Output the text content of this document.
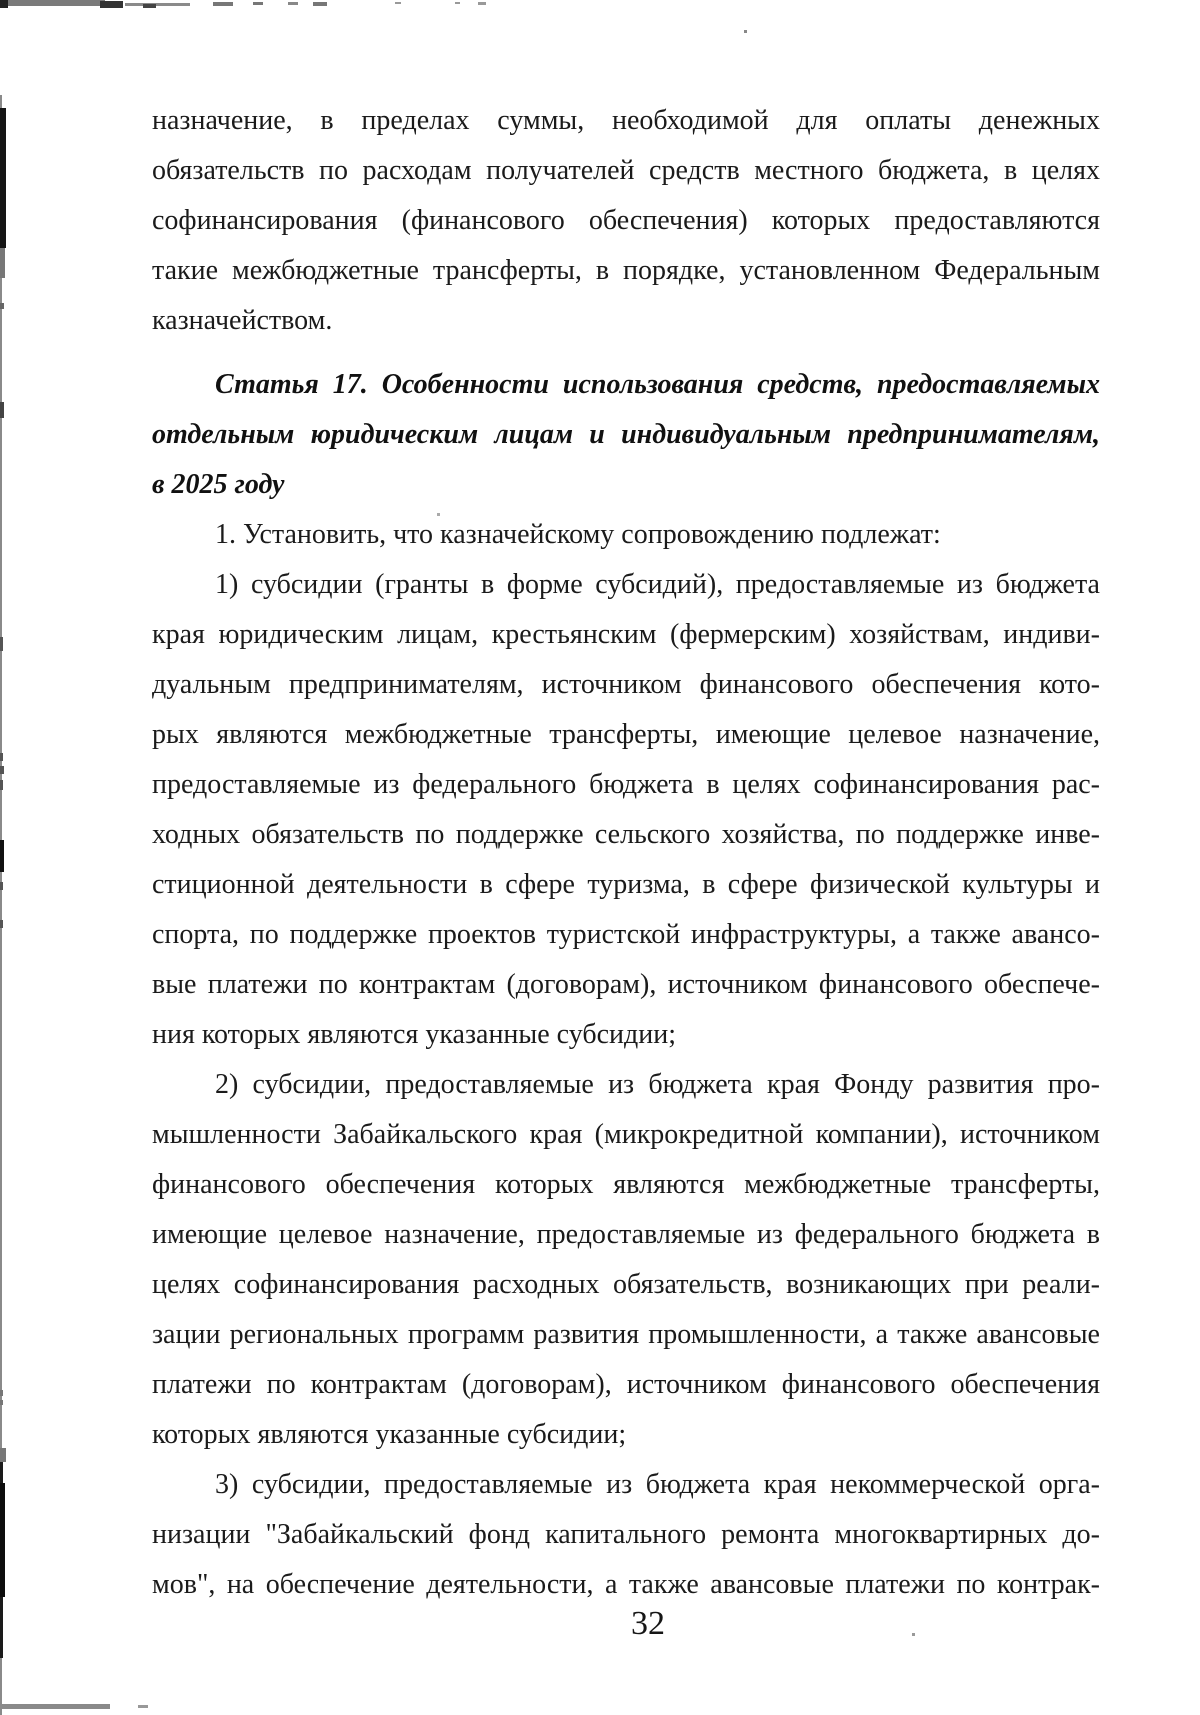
назначение, в пределах суммы, необходимой для оплаты денежных
обязательств по расходам получателей средств местного бюджета, в целях
софинансирования (финансового обеспечения) которых предоставляются
такие межбюджетные трансферты, в порядке, установленном Федеральным
казначейством.
Статья 17. Особенности использования средств, предоставляемых
отдельным юридическим лицам и индивидуальным предпринимателям,
в 2025 году
1. Установить, что казначейскому сопровождению подлежат:
1) субсидии (гранты в форме субсидий), предоставляемые из бюджета
края юридическим лицам, крестьянским (фермерским) хозяйствам, индиви-
дуальным предпринимателям, источником финансового обеспечения кото-
рых являются межбюджетные трансферты, имеющие целевое назначение,
предоставляемые из федерального бюджета в целях софинансирования рас-
ходных обязательств по поддержке сельского хозяйства, по поддержке инве-
стиционной деятельности в сфере туризма, в сфере физической культуры и
спорта, по поддержке проектов туристской инфраструктуры, а также авансо-
вые платежи по контрактам (договорам), источником финансового обеспече-
ния которых являются указанные субсидии;
2) субсидии, предоставляемые из бюджета края Фонду развития про-
мышленности Забайкальского края (микрокредитной компании), источником
финансового обеспечения которых являются межбюджетные трансферты,
имеющие целевое назначение, предоставляемые из федерального бюджета в
целях софинансирования расходных обязательств, возникающих при реали-
зации региональных программ развития промышленности, а также авансовые
платежи по контрактам (договорам), источником финансового обеспечения
которых являются указанные субсидии;
3) субсидии, предоставляемые из бюджета края некоммерческой орга-
низации "Забайкальский фонд капитального ремонта многоквартирных до-
мов", на обеспечение деятельности, а также авансовые платежи по контрак-
32
